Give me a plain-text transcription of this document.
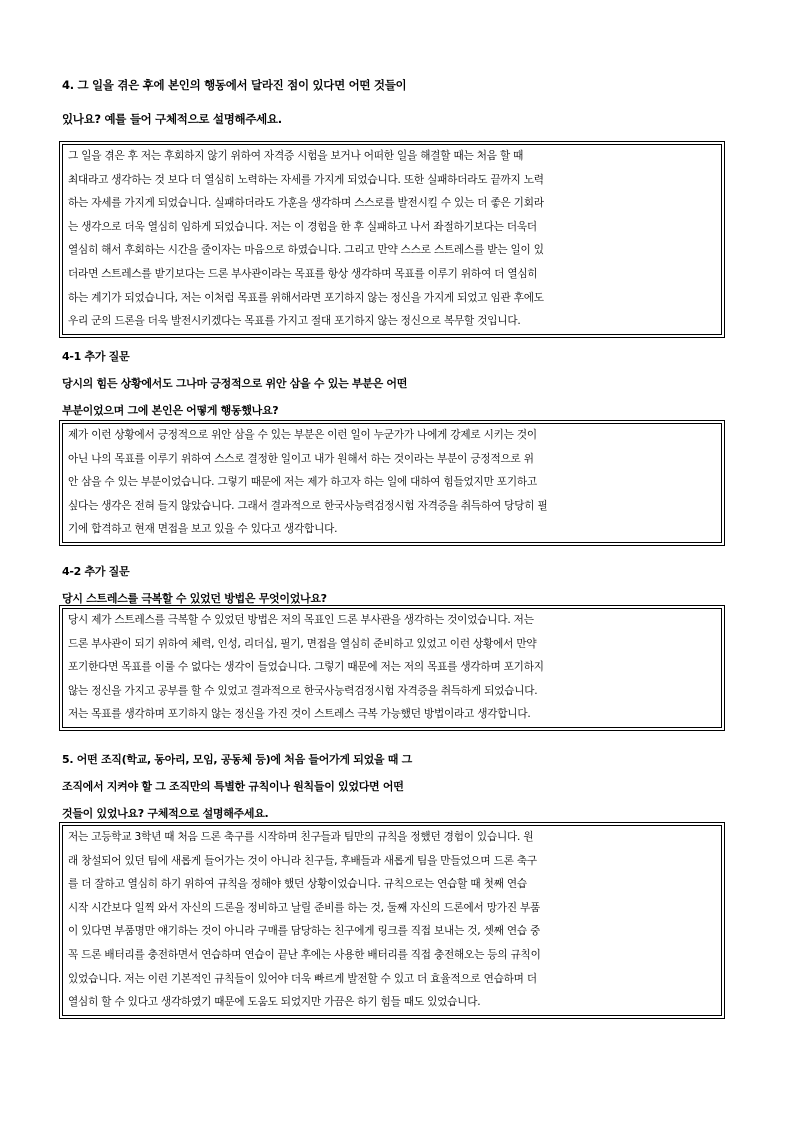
4. 그 일을 겪은 후에 본인의 행동에서 달라진 점이 있다면 어떤 것들이
있나요? 예를 들어 구체적으로 설명해주세요.
그 일을 겪은 후 저는 후회하지 않기 위하여 자격증 시험을 보거나 어떠한 일을 해결할 때는 처음 할 때
최대라고 생각하는 것 보다 더 열심히 노력하는 자세를 가지게 되었습니다. 또한 실패하더라도 끝까지 노력
하는 자세를 가지게 되었습니다. 실패하더라도 가훈을 생각하며 스스로를 발전시킬 수 있는 더 좋은 기회라
는 생각으로 더욱 열심히 임하게 되었습니다. 저는 이 경험을 한 후 실패하고 나서 좌절하기보다는 더욱더
열심히 해서 후회하는 시간을 줄이자는 마음으로 하였습니다. 그리고 만약 스스로 스트레스를 받는 일이 있
더라면 스트레스를 받기보다는 드론 부사관이라는 목표를 항상 생각하며 목표를 이루기 위하여 더 열심히
하는 계기가 되었습니다, 저는 이처럼 목표를 위해서라면 포기하지 않는 정신을 가지게 되었고 임관 후에도
우리 군의 드론을 더욱 발전시키겠다는 목표를 가지고 절대 포기하지 않는 정신으로 복무할 것입니다.
4-1 추가 질문
당시의 힘든 상황에서도 그나마 긍정적으로 위안 삼을 수 있는 부분은 어떤
부분이었으며 그에 본인은 어떻게 행동했나요?
제가 이런 상황에서 긍정적으로 위안 삼을 수 있는 부분은 이런 일이 누군가가 나에게 강제로 시키는 것이
아닌 나의 목표를 이루기 위하여 스스로 결정한 일이고 내가 원해서 하는 것이라는 부분이 긍정적으로 위
안 삼을 수 있는 부분이었습니다. 그렇기 때문에 저는 제가 하고자 하는 일에 대하여 힘들었지만 포기하고
싶다는 생각은 전혀 들지 않았습니다. 그래서 결과적으로 한국사능력검정시험 자격증을 취득하여 당당히 필
기에 합격하고 현재 면접을 보고 있을 수 있다고 생각합니다.
4-2 추가 질문
당시 스트레스를 극복할 수 있었던 방법은 무엇이었나요?
당시 제가 스트레스를 극복할 수 있었던 방법은 저의 목표인 드론 부사관을 생각하는 것이었습니다. 저는
드론 부사관이 되기 위하여 체력, 인성, 리더십, 필기, 면접을 열심히 준비하고 있었고 이런 상황에서 만약
포기한다면 목표를 이룰 수 없다는 생각이 들었습니다. 그렇기 때문에 저는 저의 목표를 생각하며 포기하지
않는 정신을 가지고 공부를 할 수 있었고 결과적으로 한국사능력검정시험 자격증을 취득하게 되었습니다.
저는 목표를 생각하며 포기하지 않는 정신을 가진 것이 스트레스 극복 가능했던 방법이라고 생각합니다.
5. 어떤 조직(학교, 동아리, 모임, 공동체 등)에 처음 들어가게 되었을 때 그
조직에서 지켜야 할 그 조직만의 특별한 규칙이나 원칙들이 있었다면 어떤
것들이 있었나요? 구체적으로 설명해주세요.
저는 고등학교 3학년 때 처음 드론 축구를 시작하며 친구들과 팀만의 규칙을 정했던 경험이 있습니다. 원
래 창설되어 있던 팀에 새롭게 들어가는 것이 아니라 친구들, 후배들과 새롭게 팀을 만들었으며 드론 축구
를 더 잘하고 열심히 하기 위하여 규칙을 정해야 했던 상황이었습니다. 규칙으로는 연습할 때 첫째 연습
시작 시간보다 일찍 와서 자신의 드론을 정비하고 날릴 준비를 하는 것, 둘째 자신의 드론에서 망가진 부품
이 있다면 부품명만 얘기하는 것이 아니라 구매를 담당하는 친구에게 링크를 직접 보내는 것, 셋째 연습 중
꼭 드론 배터리를 충전하면서 연습하며 연습이 끝난 후에는 사용한 배터리를 직접 충전해오는 등의 규칙이
있었습니다. 저는 이런 기본적인 규칙들이 있어야 더욱 빠르게 발전할 수 있고 더 효율적으로 연습하며 더
열심히 할 수 있다고 생각하였기 때문에 도움도 되었지만 가끔은 하기 힘들 때도 있었습니다.
